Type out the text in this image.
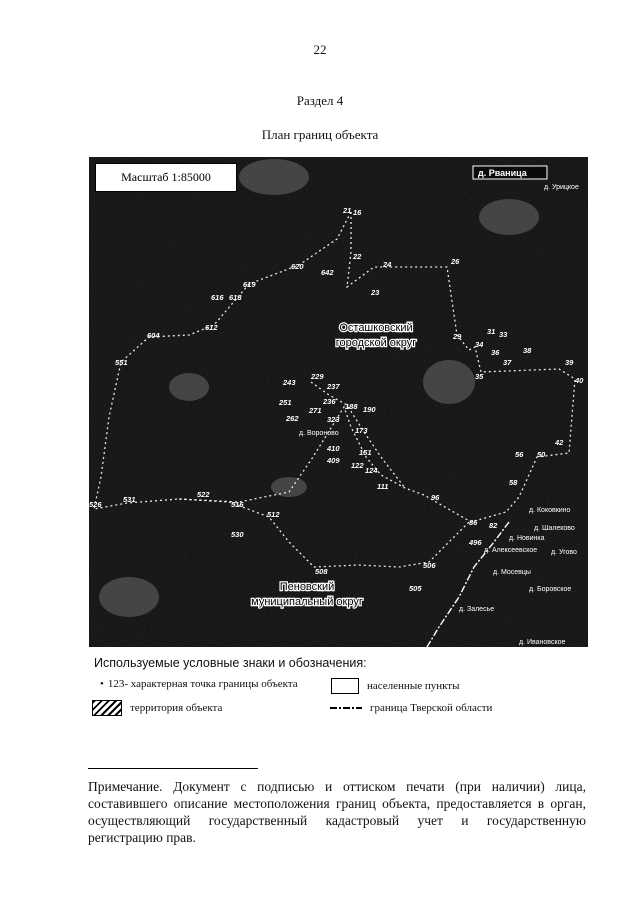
22
Раздел 4
План границ объекта
21 16
22
24	26
23
620
642
619
616 618
604
612
551
29
31 33
34
38
36
37
35
39
40
229
243	237
251	236
271	188 190
262	323
173
410	151
409
122
124
111
42
56 50
58
96
86 82
496
526
531
522
516
512
530
508
506
505
д. Рваница
д. Урицкое
д. Вороново
д. Коковкино
д. Шалеково
д. Новинка
д. Алексеевское д. Угово
д. Мосевцы
д. Боровское
д. Залесье
д. Ивановское
Осташковский
городской округ
Пеновский
муниципальный округ
Масштаб 1:85000
Используемые условные знаки и обозначения:
• 123 - характерная точка границы объекта	населенные пункты
территория объекта	граница Тверской области
Примечание. Документ с подписью и оттиском печати (при наличии) лица, составившего описание местоположения границ объекта, предоставляется в орган, осуществляющий государственный кадастровый учет и государственную регистрацию прав.
